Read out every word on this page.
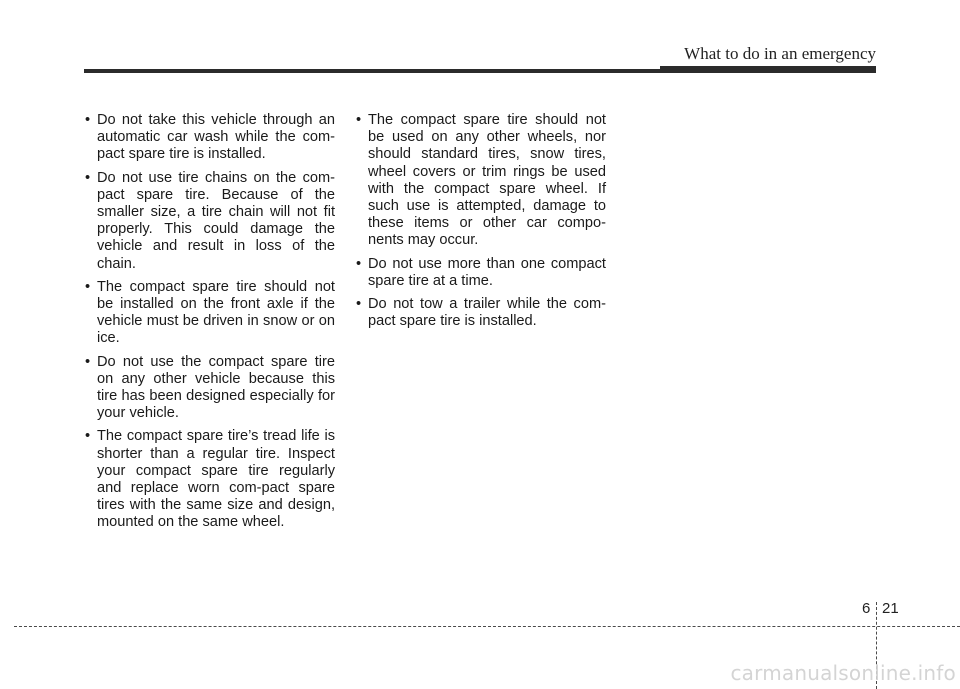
What to do in an emergency
• Do not take this vehicle through an automatic car wash while the com-pact spare tire is installed.
• Do not use tire chains on the com-pact spare tire. Because of the smaller size, a tire chain will not fit properly. This could damage the vehicle and result in loss of the chain.
• The compact spare tire should not be installed on the front axle if the vehicle must be driven in snow or on ice.
• Do not use the compact spare tire on any other vehicle because this tire has been designed especially for your vehicle.
• The compact spare tire’s tread life is shorter than a regular tire. Inspect your compact spare tire regularly and replace worn com-pact spare tires with the same size and design, mounted on the same wheel.
• The compact spare tire should not be used on any other wheels, nor should standard tires, snow tires, wheel covers or trim rings be used with the compact spare wheel. If such use is attempted, damage to these items or other car compo-nents may occur.
• Do not use more than one compact spare tire at a time.
• Do not tow a trailer while the com-pact spare tire is installed.
6 21
carmanualsonline.info
